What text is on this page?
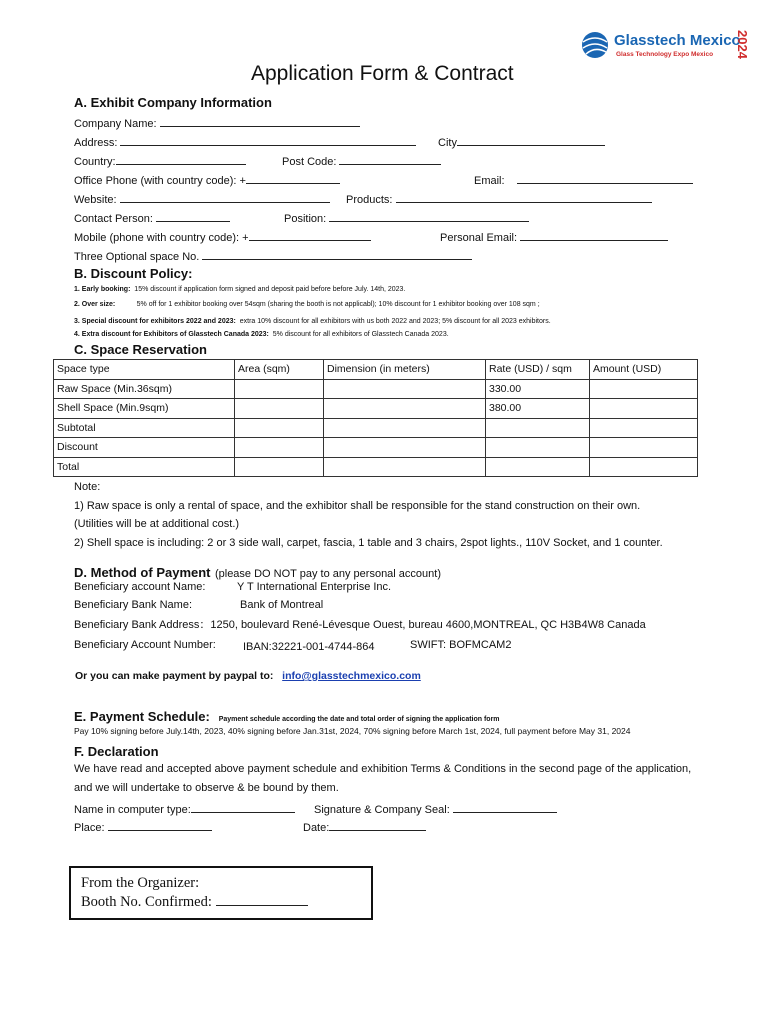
Glasstech Mexico
Glass Technology Expo Mexico 2024
Application Form & Contract
A. Exhibit Company Information
Company Name:
Address:	City
Country:	Post Code:
Office Phone (with country code): +	Email:
Website:	Products:
Contact Person:	Position:
Mobile (phone with country code): +	Personal Email:
Three Optional space No.
B. Discount Policy:
1. Early booking: 15% discount if application form signed and deposit paid before before July. 14th, 2023.
2. Over size:	5% off for 1 exhibitor booking over 54sqm (sharing the booth is not applicabl); 10% discount for 1 exhibitor booking over 108 sqm ;
3. Special discount for exhibitors 2022 and 2023: extra 10% discount for all exhibitors with us both 2022 and 2023; 5% discount for all 2023 exhibitors.
4. Extra discount for Exhibitors of Glasstech Canada 2023: 5% discount for all exhibitors of Glasstech Canada 2023.
C. Space Reservation
Space type	Area (sqm)	Dimension (in meters)	Rate (USD) / sqm	Amount (USD)
Raw Space (Min.36sqm)			330.00	
Shell Space (Min.9sqm)			380.00	
Subtotal				
Discount				
Total				
Note:
1) Raw space is only a rental of space, and the exhibitor shall be responsible for the stand construction on their own.
(Utilities will be at additional cost.)
2) Shell space is including: 2 or 3 side wall, carpet, fascia, 1 table and 3 chairs, 2spot lights., 110V Socket, and 1 counter.
D. Method of Payment (please DO NOT pay to any personal account)
Beneficiary account Name:	Y T International Enterprise Inc.
Beneficiary Bank Name:	Bank of Montreal
Beneficiary Bank Address：1250, boulevard René-Lévesque Ouest, bureau 4600,MONTREAL, QC H3B4W8 Canada
Beneficiary Account Number: IBAN:32221-001-4744-864	SWIFT: BOFMCAM2
Or you can make payment by paypal to: info@glasstechmexico.com
E. Payment Schedule: Payment schedule according the date and total order of signing the application form
Pay 10% signing before July.14th, 2023, 40% signing before Jan.31st, 2024, 70% signing before March 1st, 2024, full payment before May 31, 2024
F. Declaration
We have read and accepted above payment schedule and exhibition Terms & Conditions in the second page of the application,
and we will undertake to observe & be bound by them.
Name in computer type:	Signature & Company Seal:
Place:	Date:
From the Organizer:
Booth No. Confirmed:
